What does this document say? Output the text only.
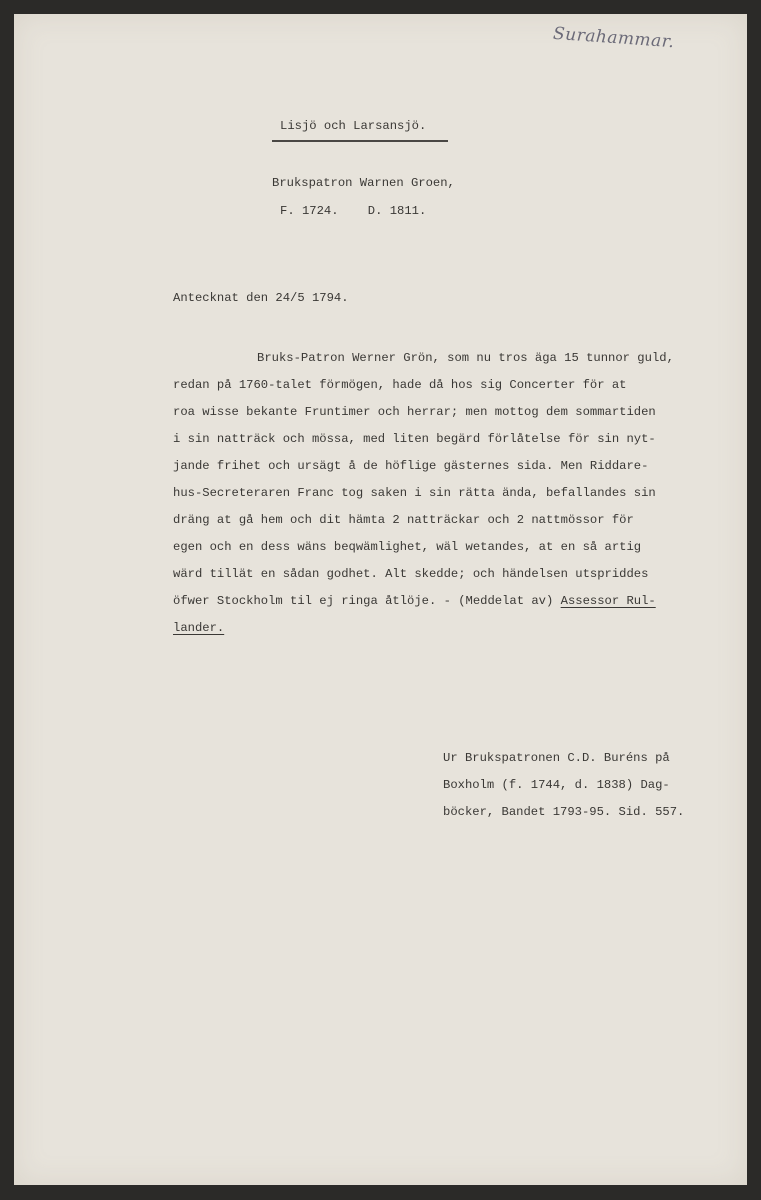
Surahammar.
Lisjö och Larsansjö.
Brukspatron Warnen Groen,
F. 1724.    D. 1811.
Antecknat den 24/5 1794.
Bruks-Patron Werner Grön, som nu tros äga 15 tunnor guld,
redan på 1760-talet förmögen, hade då hos sig Concerter för at
roa wisse bekante Fruntimer och herrar; men mottog dem sommartiden
i sin natträck och mössa, med liten begärd förlåtelse för sin nyt-
jande frihet och ursägt å de höflige gästernes sida. Men Riddare-
hus-Secreteraren Franc tog saken i sin rätta ända, befallandes sin
dräng at gå hem och dit hämta 2 natträckar och 2 nattmössor för
egen och en dess wäns beqwämlighet, wäl wetandes, at en så artig
wärd tillät en sådan godhet. Alt skedde; och händelsen utspriddes
öfwer Stockholm til ej ringa åtlöje. - (Meddelat av) Assessor Rul-
lander.
Ur Brukspatronen C.D. Buréns på
Boxholm (f. 1744, d. 1838) Dag-
böcker, Bandet 1793-95. Sid. 557.
